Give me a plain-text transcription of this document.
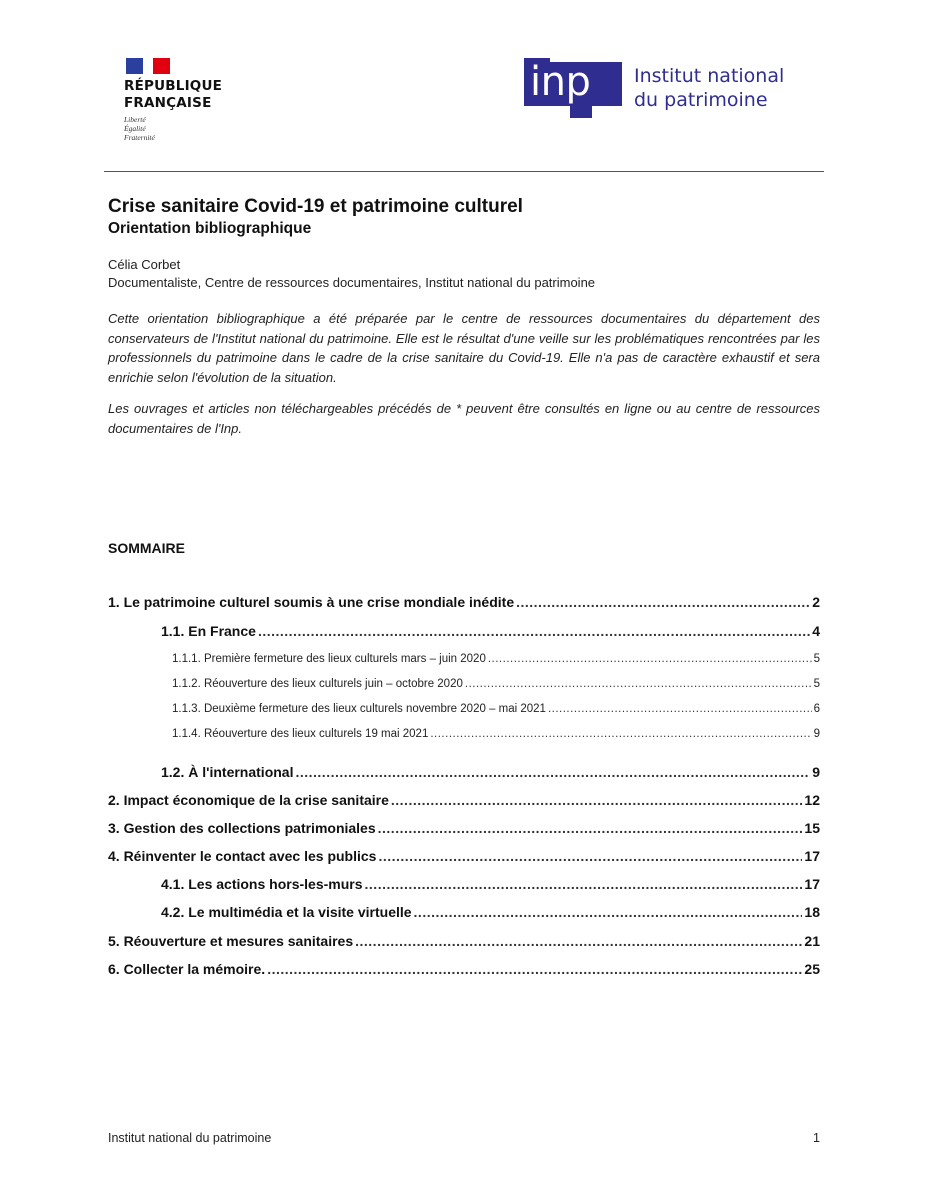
RÉPUBLIQUE
FRANÇAISE
Liberté
Égalité
Fraternité
inp Institut national
du patrimoine
Crise sanitaire Covid-19 et patrimoine culturel
Orientation bibliographique
Célia Corbet
Documentaliste, Centre de ressources documentaires, Institut national du patrimoine

Cette orientation bibliographique a été préparée par le centre de ressources documentaires du département des conservateurs de l'Institut national du patrimoine. Elle est le résultat d'une veille sur les problématiques rencontrées par les professionnels du patrimoine dans le cadre de la crise sanitaire du Covid-19. Elle n'a pas de caractère exhaustif et sera enrichie selon l'évolution de la situation.

Les ouvrages et articles non téléchargeables précédés de * peuvent être consultés en ligne ou au centre de ressources documentaires de l'Inp.

SOMMAIRE
1. Le patrimoine culturel soumis à une crise mondiale inédite .....	2
1.1. En France .....	4
1.1.1. Première fermeture des lieux culturels mars – juin 2020 .....	5
1.1.2. Réouverture des lieux culturels juin – octobre 2020 .....	5
1.1.3. Deuxième fermeture des lieux culturels novembre 2020 – mai 2021 .....	6
1.1.4. Réouverture des lieux culturels 19 mai 2021 .....	9
1.2. À l'international .....	9
2. Impact économique de la crise sanitaire .....	12
3. Gestion des collections patrimoniales .....	15
4. Réinventer le contact avec les publics .....	17
4.1. Les actions hors-les-murs .....	17
4.2. Le multimédia et la visite virtuelle .....	18
5. Réouverture et mesures sanitaires .....	21
6. Collecter la mémoire. .....	25
Institut national du patrimoine	1
